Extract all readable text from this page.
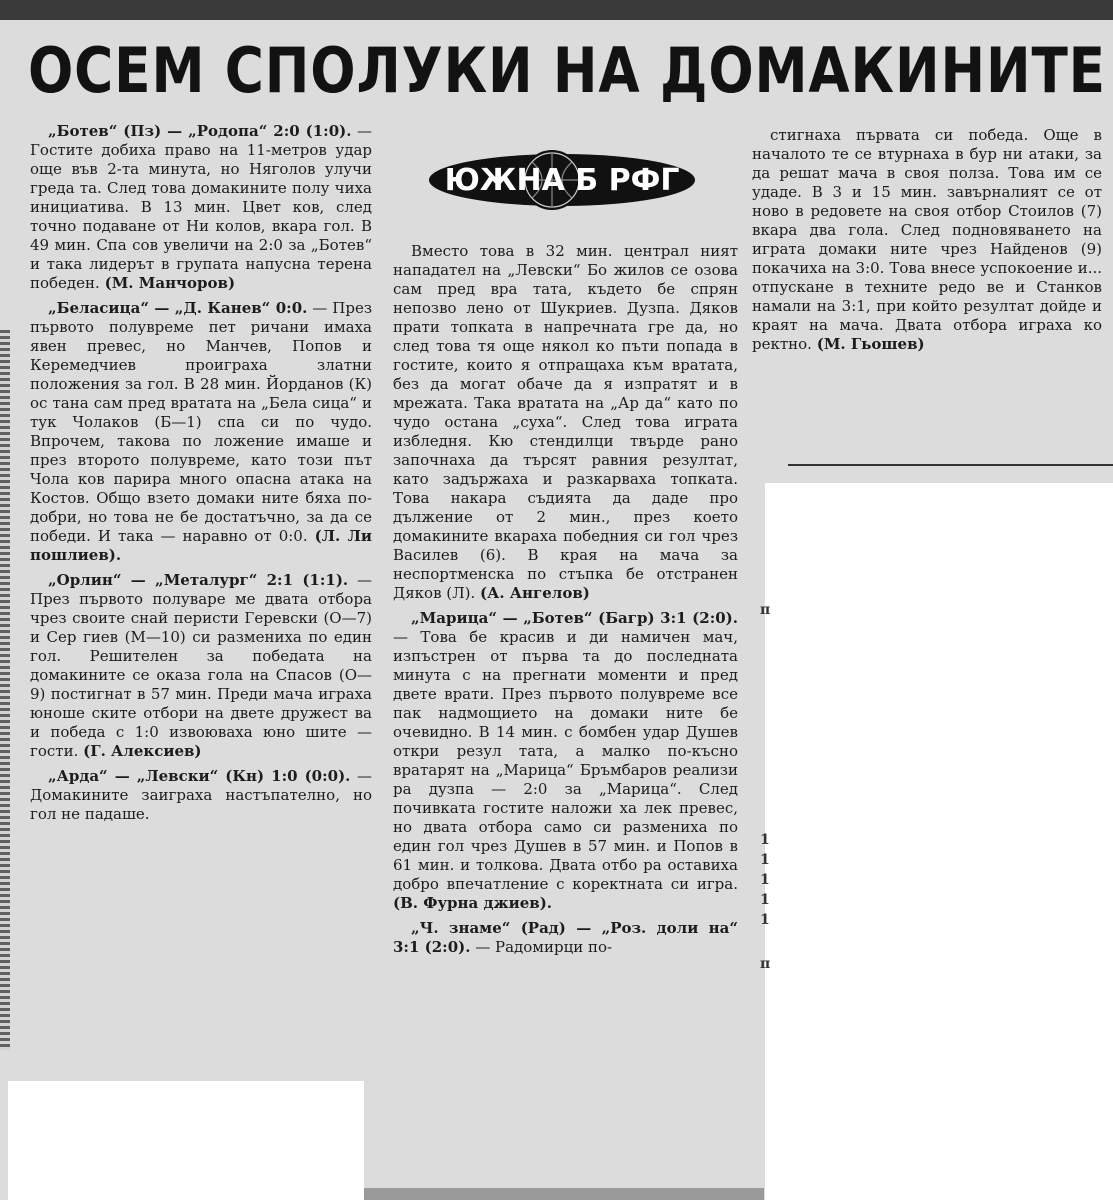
ОСЕМ СПОЛУКИ НА ДОМАКИНИТЕ
ЮЖНА Б РФГ

„Ботев“ (Пз) — „Родопа“ 2:0 (1:0). — Гостите добиха право на 11-метров удар още във 2-та минута, но Няголов улучи греда та. След това домакините полу чиха инициатива. В 13 мин. Цвет ков, след точно подаване от Ни колов, вкара гол. В 49 мин. Спа сов увеличи на 2:0 за „Ботев“ и така лидерът в групата напусна терена победен. (М. Манчоров)

„Беласица“ — „Д. Канев“ 0:0. — През първото полувреме пет ричани имаха явен превес, но Манчев, Попов и Керемедчиев проиграха златни положения за гол. В 28 мин. Йорданов (К) ос тана сам пред вратата на „Бела сица“ и тук Чолаков (Б—1) спа си по чудо. Впрочем, такова по ложение имаше и през второто полувреме, като този път Чола ков парира много опасна атака на Костов. Общо взето домаки ните бяха по-добри, но това не бе достатъчно, за да се победи. И така — наравно от 0:0. (Л. Ли пошлиев).

„Орлин“ — „Металург“ 2:1 (1:1). — През първото полуваре ме двата отбора чрез своите снай перисти Геревски (О—7) и Сер гиев (М—10) си размениха по един гол. Решителен за победата на домакините се оказа гола на Спасов (О—9) постигнат в 57 мин. Преди мача играха юноше ските отбори на двете дружест ва и победа с 1:0 извоюваха юно шите — гости. (Г. Алексиев)

„Арда“ — „Левски“ (Кн) 1:0 (0:0). — Домакините заиграха настъпателно, но гол не падаше.

Вместо това в 32 мин. централ ният нападател на „Левски“ Бо жилов се озова сам пред вра тата, където бе спрян непозво лено от Шукриев. Дузпа. Дяков прати топката в напречната гре да, но след това тя още някол ко пъти попада в гостите, които я отпращаха към вратата, без да могат обаче да я изпратят и в мрежата. Така вратата на „Ар да“ като по чудо остана „суха“. След това играта избледня. Кю стендилци твърде рано започнаха да търсят равния резултат, като задържаха и разкарваха топката. Това накара съдията да даде про дължение от 2 мин., през което домакините вкараха победния си гол чрез Василев (6). В края на мача за неспортменска по стъпка бе отстранен Дяков (Л). (А. Ангелов)

„Марица“ — „Ботев“ (Багр) 3:1 (2:0). — Това бе красив и ди намичен мач, изпъстрен от първа та до последната минута с на прегнати моменти и пред двете врати. През първото полувреме все пак надмощието на домаки ните бе очевидно. В 14 мин. с бомбен удар Душев откри резул тата, а малко по-късно вратарят на „Марица“ Бръмбаров реализи ра дузпа — 2:0 за „Марица“. След почивката гостите наложи ха лек превес, но двата отбора само си размениха по един гол чрез Душев в 57 мин. и Попов в 61 мин. и толкова. Двата отбо ра оставиха добро впечатление с коректната си игра. (В. Фурна джиев).

„Ч. знаме“ (Рад) — „Роз. доли на“ 3:1 (2:0). — Радомирци по-

стигнаха първата си победа. Още в началото те се втурнаха в бур ни атаки, за да решат мача в своя полза. Това им се удаде. В 3 и 15 мин. завърналият се от ново в редовете на своя отбор Стоилов (7) вкара два гола. След подновяването на играта домаки ните чрез Найденов (9) покачиха на 3:0. Това внесе успокоение и... отпускане в техните редо ве и Станков намали на 3:1, при който резултат дойде и краят на мача. Двата отбора играха ко ректно. (М. Гьошев)

п
1
1
1
1
1
п
